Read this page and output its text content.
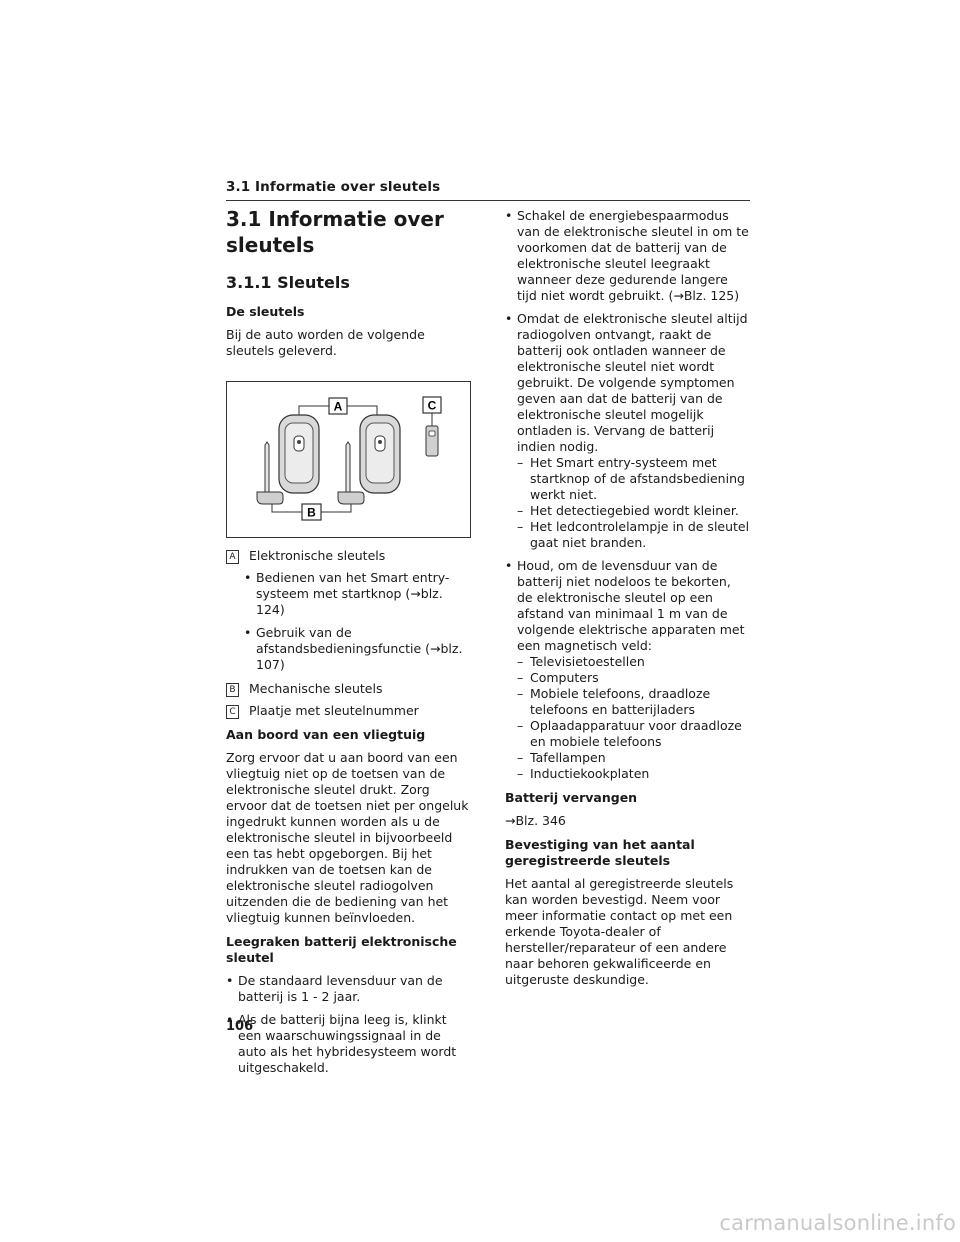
3.1 Informatie over sleutels
3.1 Informatie over sleutels
3.1.1 Sleutels
De sleutels

Bij de auto worden de volgende sleutels geleverd.

A	C
B
A Elektronische sleutels
• Bedienen van het Smart entry-systeem met startknop (→blz. 124)
• Gebruik van de afstandsbedieningsfunctie (→blz. 107)
B Mechanische sleutels
C Plaatje met sleutelnummer
Aan boord van een vliegtuig

Zorg ervoor dat u aan boord van een vliegtuig niet op de toetsen van de elektronische sleutel drukt. Zorg ervoor dat de toetsen niet per ongeluk ingedrukt kunnen worden als u de elektronische sleutel in bijvoorbeeld een tas hebt opgeborgen. Bij het indrukken van de toetsen kan de elektronische sleutel radiogolven uitzenden die de bediening van het vliegtuig kunnen beïnvloeden.

Leegraken batterij elektronische sleutel
• De standaard levensduur van de batterij is 1 - 2 jaar.
• Als de batterij bijna leeg is, klinkt een waarschuwingssignaal in de auto als het hybridesysteem wordt uitgeschakeld.
• Schakel de energiebespaarmodus van de elektronische sleutel in om te voorkomen dat de batterij van de elektronische sleutel leegraakt wanneer deze gedurende langere tijd niet wordt gebruikt. (→Blz. 125)
• Omdat de elektronische sleutel altijd radiogolven ontvangt, raakt de batterij ook ontladen wanneer de elektronische sleutel niet wordt gebruikt. De volgende symptomen geven aan dat de batterij van de elektronische sleutel mogelijk ontladen is. Vervang de batterij indien nodig.
– Het Smart entry-systeem met startknop of de afstandsbediening werkt niet.
– Het detectiegebied wordt kleiner.
– Het ledcontrolelampje in de sleutel gaat niet branden.
• Houd, om de levensduur van de batterij niet nodeloos te bekorten, de elektronische sleutel op een afstand van minimaal 1 m van de volgende elektrische apparaten met een magnetisch veld:
– Televisietoestellen
– Computers
– Mobiele telefoons, draadloze telefoons en batterijladers
– Oplaadapparatuur voor draadloze en mobiele telefoons
– Tafellampen
– Inductiekookplaten
Batterij vervangen

→Blz. 346

Bevestiging van het aantal geregistreerde sleutels

Het aantal al geregistreerde sleutels kan worden bevestigd. Neem voor meer informatie contact op met een erkende Toyota-dealer of hersteller/reparateur of een andere naar behoren gekwalificeerde en uitgeruste deskundige.

106
carmanualsonline.info
